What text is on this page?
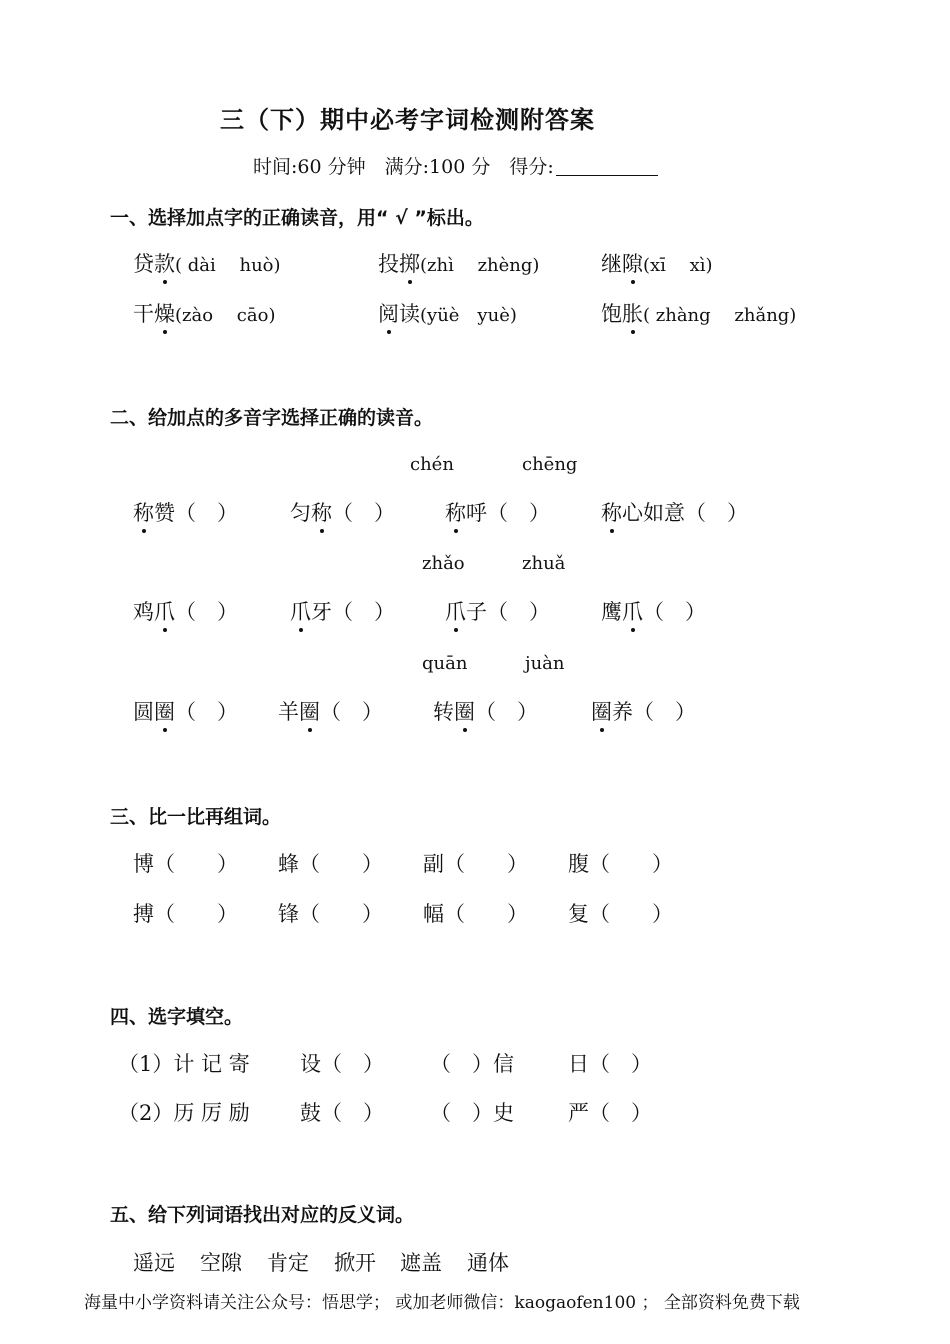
三（下）期中必考字词检测附答案
时间:60 分钟　 满分:100 分　 得分:
一、选择加点字的正确读音，用“ √ ”标出。
贷款( dài　 huò)	投掷(zhì　 zhèng)	继隙(xī　 xì)
干燥(zào　 cāo)	阅读(yüè　yuè)	饱胀( zhàng　 zhǎng)
二、给加点的多音字选择正确的读音。
chén	chēng
称赞（　） 匀称（　） 称呼（　） 称心如意（　）
zhǎo	zhuǎ
鸡爪（　） 爪牙（　） 爪子（　） 鹰爪（　）
quān	juàn
圆圈（　） 羊圈（　） 转圈（　）	圈养（　）
三、比一比再组词。
博（　　） 蜂（　　） 副（　　） 腹（　　）
搏（　　） 锋（　　） 幅（　　） 复（　　）
四、选字填空。
（1）计 记 寄 设（　） （　）信	日（　）
（2）历 厉 励 鼓（　） （　）史	严（　）
五、给下列词语找出对应的反义词。
遥远 空隙 肯定 掀开 遮盖 通体
海量中小学资料请关注公众号：悟思学； 或加老师微信：kaogaofen100 ； 全部资料免费下载
